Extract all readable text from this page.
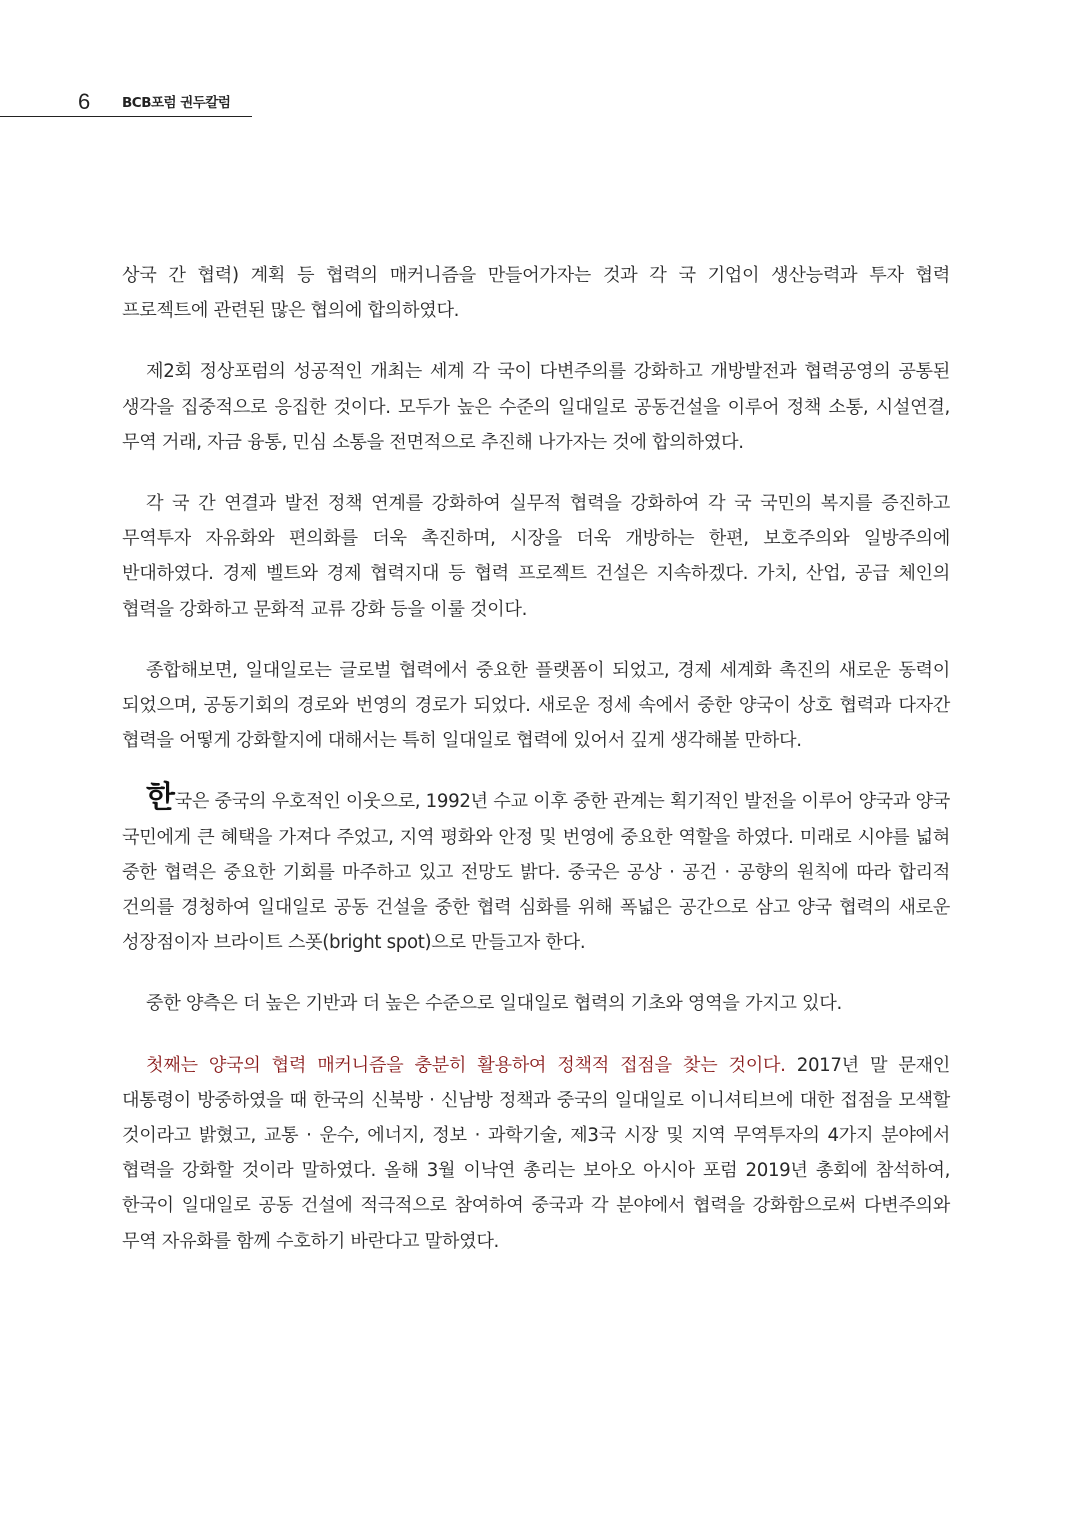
6 BCB포럼 권두칼럼

상국 간 협력) 계획 등 협력의 매커니즘을 만들어가자는 것과 각 국 기업이 생산능력과 투자 협력 프로젝트에 관련된 많은 협의에 합의하였다.

제2회 정상포럼의 성공적인 개최는 세계 각 국이 다변주의를 강화하고 개방발전과 협력공영의 공통된 생각을 집중적으로 응집한 것이다. 모두가 높은 수준의 일대일로 공동건설을 이루어 정책 소통, 시설연결, 무역 거래, 자금 융통, 민심 소통을 전면적으로 추진해 나가자는 것에 합의하였다.

각 국 간 연결과 발전 정책 연계를 강화하여 실무적 협력을 강화하여 각 국 국민의 복지를 증진하고 무역투자 자유화와 편의화를 더욱 촉진하며, 시장을 더욱 개방하는 한편, 보호주의와 일방주의에 반대하였다. 경제 벨트와 경제 협력지대 등 협력 프로젝트 건설은 지속하겠다. 가치, 산업, 공급 체인의 협력을 강화하고 문화적 교류 강화 등을 이룰 것이다.

종합해보면, 일대일로는 글로벌 협력에서 중요한 플랫폼이 되었고, 경제 세계화 촉진의 새로운 동력이 되었으며, 공동기회의 경로와 번영의 경로가 되었다. 새로운 정세 속에서 중한 양국이 상호 협력과 다자간 협력을 어떻게 강화할지에 대해서는 특히 일대일로 협력에 있어서 깊게 생각해볼 만하다.

한국은 중국의 우호적인 이웃으로, 1992년 수교 이후 중한 관계는 획기적인 발전을 이루어 양국과 양국 국민에게 큰 혜택을 가져다 주었고, 지역 평화와 안정 및 번영에 중요한 역할을 하였다. 미래로 시야를 넓혀 중한 협력은 중요한 기회를 마주하고 있고 전망도 밝다. 중국은 공상 · 공건 · 공향의 원칙에 따라 합리적 건의를 경청하여 일대일로 공동 건설을 중한 협력 심화를 위해 폭넓은 공간으로 삼고 양국 협력의 새로운 성장점이자 브라이트 스폿(bright spot)으로 만들고자 한다.

중한 양측은 더 높은 기반과 더 높은 수준으로 일대일로 협력의 기초와 영역을 가지고 있다.

첫째는 양국의 협력 매커니즘을 충분히 활용하여 정책적 접점을 찾는 것이다. 2017년 말 문재인 대통령이 방중하였을 때 한국의 신북방 · 신남방 정책과 중국의 일대일로 이니셔티브에 대한 접점을 모색할 것이라고 밝혔고, 교통 · 운수, 에너지, 정보 · 과학기술, 제3국 시장 및 지역 무역투자의 4가지 분야에서 협력을 강화할 것이라 말하였다. 올해 3월 이낙연 총리는 보아오 아시아 포럼 2019년 총회에 참석하여, 한국이 일대일로 공동 건설에 적극적으로 참여하여 중국과 각 분야에서 협력을 강화함으로써 다변주의와 무역 자유화를 함께 수호하기 바란다고 말하였다.
